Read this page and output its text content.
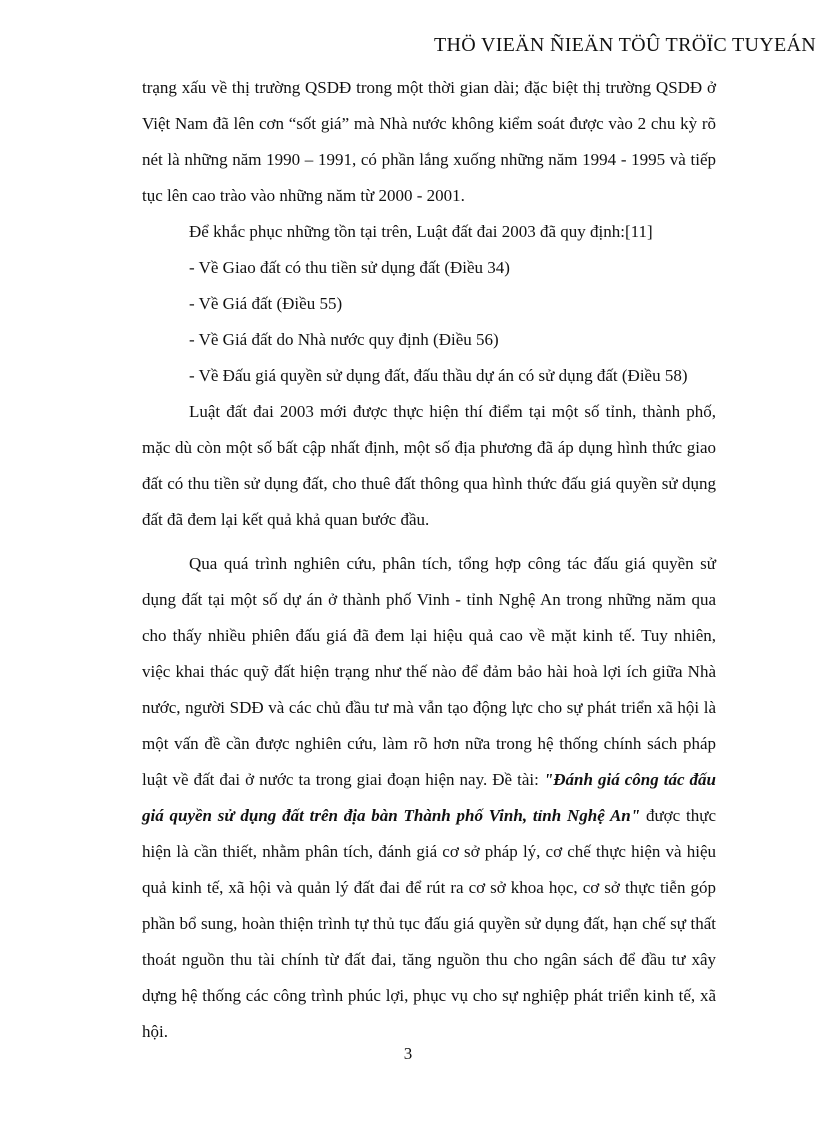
THÖ VIEÄN ÑIEÄN TÖÛ TRÖÏC TUYEÁN

trạng xấu về thị trường QSDĐ trong một thời gian dài; đặc biệt thị trường QSDĐ ở Việt Nam đã lên cơn “sốt giá” mà Nhà nước không kiểm soát được vào 2 chu kỳ rõ nét là những năm 1990 – 1991, có phần lắng xuống những năm 1994 - 1995 và tiếp tục lên cao trào vào những năm từ 2000 - 2001.

Để khắc phục những tồn tại trên, Luật đất đai 2003 đã quy định:[11]

- Về Giao đất có thu tiền sử dụng đất (Điều 34)

- Về Giá đất (Điều 55)

- Về Giá đất do Nhà nước quy định (Điều 56)

- Về Đấu giá quyền sử dụng đất, đấu thầu dự án có sử dụng đất (Điều 58)

Luật đất đai 2003 mới được thực hiện thí điểm tại một số tỉnh, thành phố, mặc dù còn một số bất cập nhất định, một số địa phương đã áp dụng hình thức giao đất có thu tiền sử dụng đất, cho thuê đất thông qua hình thức đấu giá quyền sử dụng đất đã đem lại kết quả khả quan bước đầu.

Qua quá trình nghiên cứu, phân tích, tổng hợp công tác đấu giá quyền sử dụng đất tại một số dự án ở thành phố Vinh - tỉnh Nghệ An trong những năm qua cho thấy nhiều phiên đấu giá đã đem lại hiệu quả cao về mặt kinh tế. Tuy nhiên, việc khai thác quỹ đất hiện trạng như thế nào để đảm bảo hài hoà lợi ích giữa Nhà nước, người SDĐ và các chủ đầu tư mà vẫn tạo động lực cho sự phát triển xã hội là một vấn đề cần được nghiên cứu, làm rõ hơn nữa trong hệ thống chính sách pháp luật về đất đai ở nước ta trong giai đoạn hiện nay. Đề tài: "Đánh giá công tác đấu giá quyền sử dụng đất trên địa bàn Thành phố Vinh, tỉnh Nghệ An" được thực hiện là cần thiết, nhằm phân tích, đánh giá cơ sở pháp lý, cơ chế thực hiện và hiệu quả kinh tế, xã hội và quản lý đất đai để rút ra cơ sở khoa học, cơ sở thực tiễn góp phần bổ sung, hoàn thiện trình tự thủ tục đấu giá quyền sử dụng đất, hạn chế sự thất thoát nguồn thu tài chính từ đất đai, tăng nguồn thu cho ngân sách để đầu tư xây dựng hệ thống các công trình phúc lợi, phục vụ cho sự nghiệp phát triển kinh tế, xã hội.

3
